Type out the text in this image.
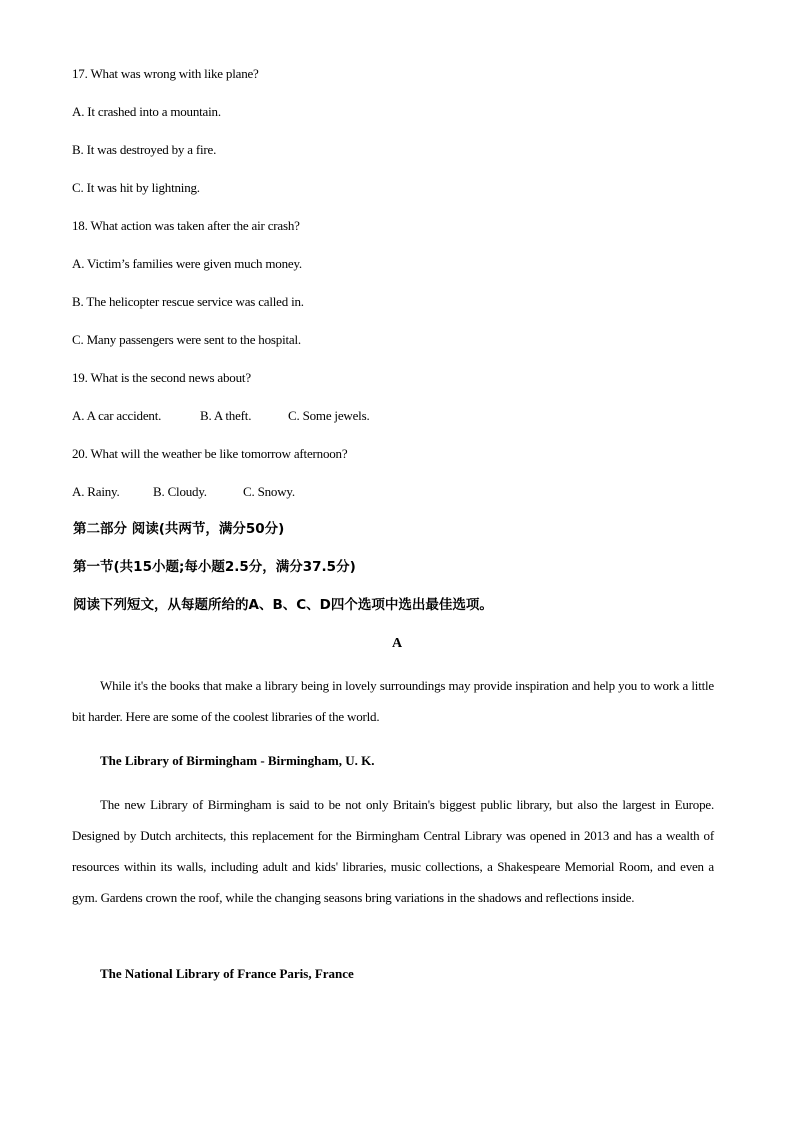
17. What was wrong with like plane?
A. It crashed into a mountain.
B. It was destroyed by a fire.
C. It was hit by lightning.
18. What action was taken after the air crash?
A. Victim’s families were given much money.
B. The helicopter rescue service was called in.
C. Many passengers were sent to the hospital.
19. What is the second news about?
A. A car accident.	B. A theft.	C. Some jewels.
20. What will the weather be like tomorrow afternoon?
A. Rainy.	B. Cloudy.	C. Snowy.
第二部分 阅读(共两节，满分50分)
第一节(共15小题;每小题2.5分，满分37.5分)
阅读下列短文，从每题所给的A、B、C、D四个选项中选出最佳选项。
A
While it's the books that make a library being in lovely surroundings may provide inspiration and help you to work a little bit harder. Here are some of the coolest libraries of the world.
The Library of Birmingham - Birmingham, U. K.
The new Library of Birmingham is said to be not only Britain's biggest public library, but also the largest in Europe. Designed by Dutch architects, this replacement for the Birmingham Central Library was opened in 2013 and has a wealth of resources within its walls, including adult and kids' libraries, music collections, a Shakespeare Memorial Room, and even a gym. Gardens crown the roof, while the changing seasons bring variations in the shadows and reflections inside.
The National Library of France Paris, France
